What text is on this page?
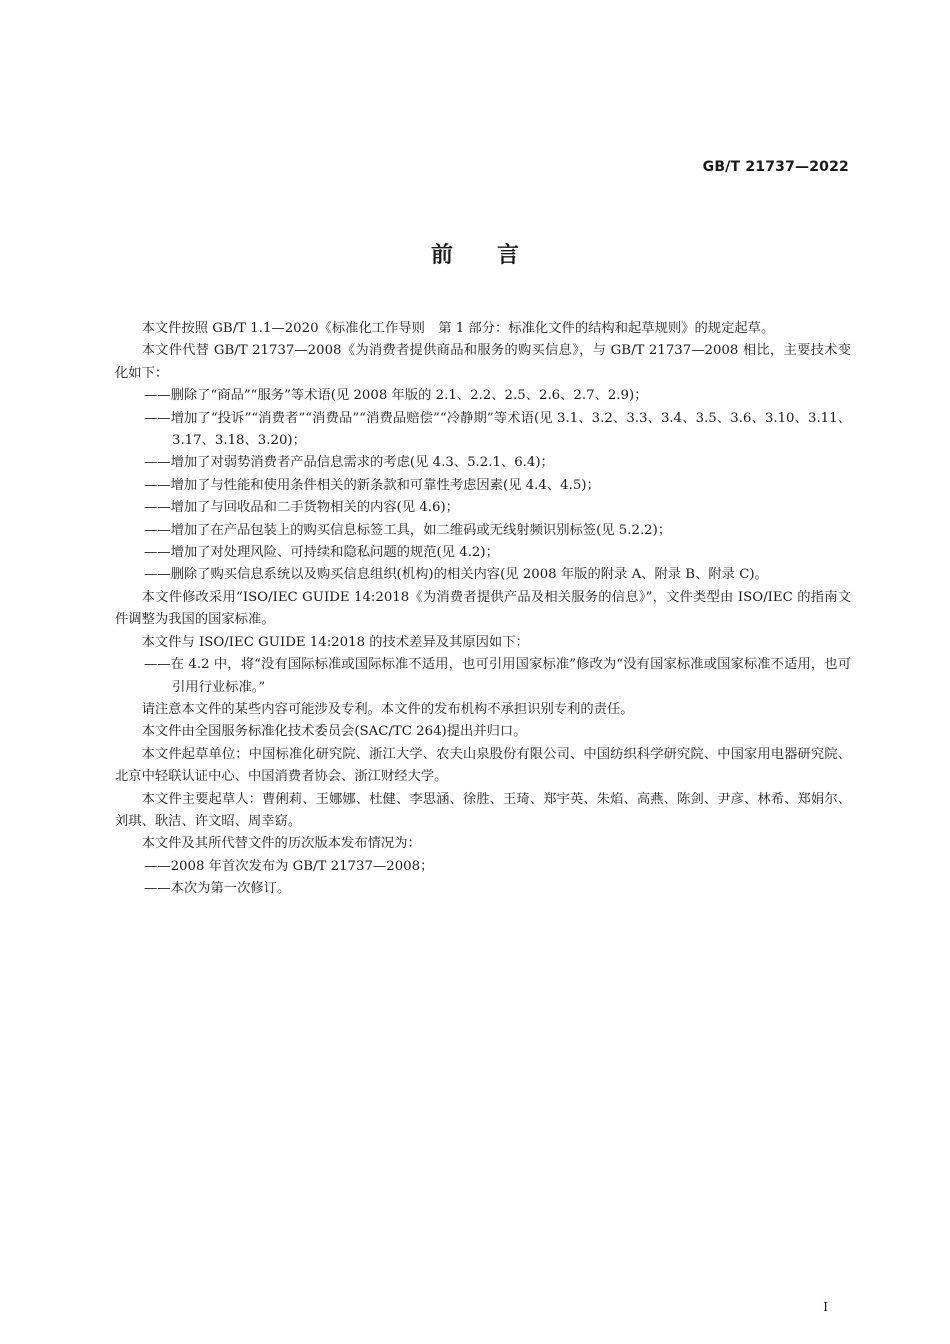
GB/T 21737—2022
前 言

本文件按照 GB/T 1.1—2020《标准化工作导则　第 1 部分：标准化文件的结构和起草规则》的规定起草。

本文件代替 GB/T 21737—2008《为消费者提供商品和服务的购买信息》，与 GB/T 21737—2008 相比，主要技术变化如下：

——删除了“商品”“服务”等术语(见 2008 年版的 2.1、2.2、2.5、2.6、2.7、2.9)；

——增加了“投诉”“消费者”“消费品”“消费品赔偿”“冷静期”等术语(见 3.1、3.2、3.3、3.4、3.5、3.6、3.10、3.11、3.17、3.18、3.20)；

——增加了对弱势消费者产品信息需求的考虑(见 4.3、5.2.1、6.4)；

——增加了与性能和使用条件相关的新条款和可靠性考虑因素(见 4.4、4.5)；

——增加了与回收品和二手货物相关的内容(见 4.6)；

——增加了在产品包装上的购买信息标签工具，如二维码或无线射频识别标签(见 5.2.2)；

——增加了对处理风险、可持续和隐私问题的规范(见 4.2)；

——删除了购买信息系统以及购买信息组织(机构)的相关内容(见 2008 年版的附录 A、附录 B、附录 C)。

本文件修改采用“ISO/IEC GUIDE 14:2018《为消费者提供产品及相关服务的信息》”，文件类型由 ISO/IEC 的指南文件调整为我国的国家标准。

本文件与 ISO/IEC GUIDE 14:2018 的技术差异及其原因如下：

——在 4.2 中，将“没有国际标准或国际标准不适用，也可引用国家标准”修改为“没有国家标准或国家标准不适用，也可引用行业标准。”

请注意本文件的某些内容可能涉及专利。本文件的发布机构不承担识别专利的责任。

本文件由全国服务标准化技术委员会(SAC/TC 264)提出并归口。

本文件起草单位：中国标准化研究院、浙江大学、农夫山泉股份有限公司、中国纺织科学研究院、中国家用电器研究院、北京中轻联认证中心、中国消费者协会、浙江财经大学。

本文件主要起草人：曹俐莉、王娜娜、杜健、李思涵、徐胜、王琦、郑宇英、朱焰、高燕、陈剑、尹彦、林希、郑娟尔、刘琪、耿洁、许文昭、周幸窈。

本文件及其所代替文件的历次版本发布情况为：

——2008 年首次发布为 GB/T 21737—2008；

——本次为第一次修订。

I
